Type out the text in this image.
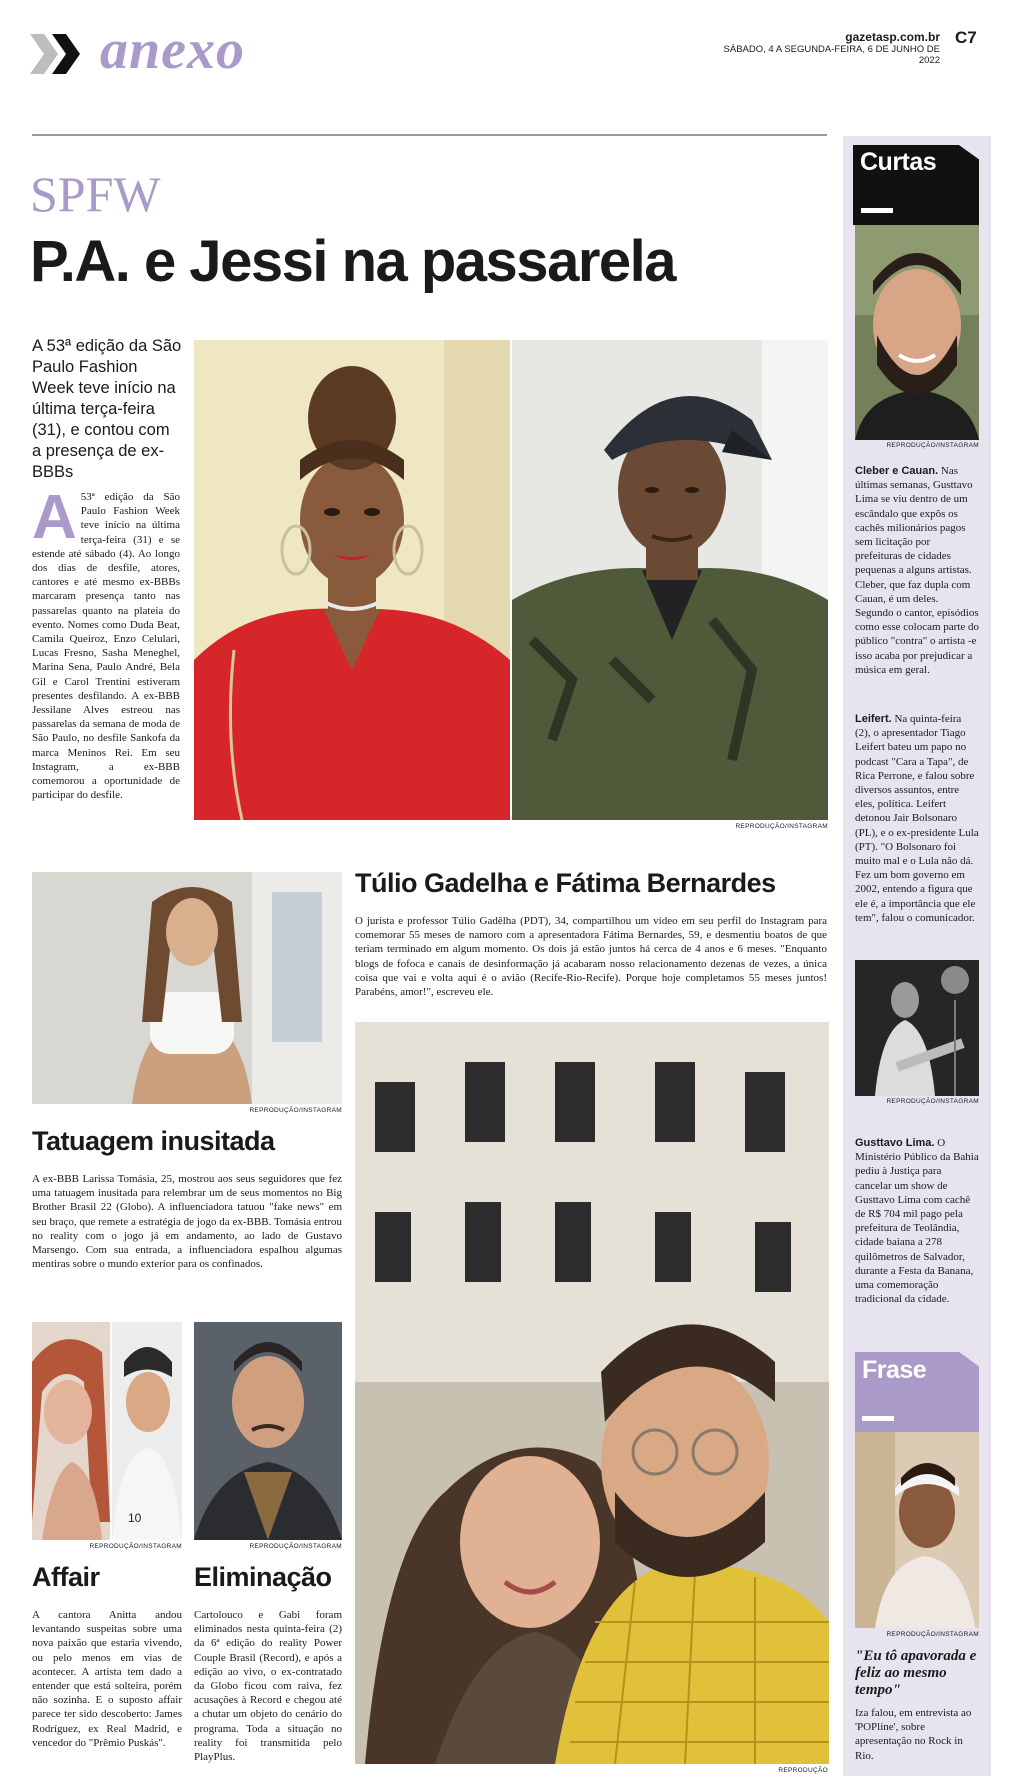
anexo	gazetasp.com.br
SÁBADO, 4 A SEGUNDA-FEIRA, 6 DE JUNHO DE 2022
C7
SPFW
P.A. e Jessi na passarela
A 53ª edição da São Paulo Fashion Week teve início na última terça-feira (31), e contou com a presença de ex-BBBs
A 53ª edição da São Paulo Fashion Week teve início na última terça-feira (31) e se estende até sábado (4). Ao longo dos dias de desfile, atores, cantores e até mesmo ex-BBBs marcaram presença tanto nas passarelas quanto na plateia do evento. Nomes como Duda Beat, Camila Queiroz, Enzo Celulari, Lucas Fresno, Sasha Meneghel, Marina Sena, Paulo André, Bela Gil e Carol Trentini estiveram presentes desfilando. A ex-BBB Jessilane Alves estreou nas passarelas da semana de moda de São Paulo, no desfile Sankofa da marca Meninos Rei. Em seu Instagram, a ex-BBB comemorou a oportunidade de participar do desfile.
REPRODUÇÃO/INSTAGRAM
Túlio Gadelha e Fátima Bernardes
O jurista e professor Túlio Gadêlha (PDT), 34, compartilhou um vídeo em seu perfil do Instagram para comemorar 55 meses de namoro com a apresentadora Fátima Bernardes, 59, e desmentiu boatos de que teriam terminado em algum momento. Os dois já estão juntos há cerca de 4 anos e 6 meses. "Enquanto blogs de fofoca e canais de desinformação já acabaram nosso relacionamento dezenas de vezes, a única coisa que vai e volta aqui é o avião (Recife-Rio-Recife). Porque hoje completamos 55 meses juntos! Parabéns, amor!", escreveu ele.
REPRODUÇÃO
REPRODUÇÃO/INSTAGRAM
Tatuagem inusitada
A ex-BBB Larissa Tomásia, 25, mostrou aos seus seguidores que fez uma tatuagem inusitada para relembrar um de seus momentos no Big Brother Brasil 22 (Globo). A influenciadora tatuou "fake news" em seu braço, que remete a estratégia de jogo da ex-BBB. Tomásia entrou no reality com o jogo já em andamento, ao lado de Gustavo Marsengo. Com sua entrada, a influenciadora espalhou algumas mentiras sobre o mundo exterior para os confinados.
10
REPRODUÇÃO/INSTAGRAM
Affair
A cantora Anitta andou levantando suspeitas sobre uma nova paixão que estaria vivendo, ou pelo menos em vias de acontecer. A artista tem dado a entender que está solteira, porém não sozinha. E o suposto affair parece ter sido descoberto: James Rodríguez, ex Real Madrid, e vencedor do "Prêmio Puskás".
REPRODUÇÃO/INSTAGRAM
Eliminação
Cartolouco e Gabi foram eliminados nesta quinta-feira (2) da 6ª edição do reality Power Couple Brasil (Record), e após a edição ao vivo, o ex-contratado da Globo ficou com raiva, fez acusações à Record e chegou até a chutar um objeto do cenário do programa. Toda a situação no reality foi transmitida pelo PlayPlus.
Curtas
REPRODUÇÃO/INSTAGRAM
Cleber e Cauan. Nas últimas semanas, Gusttavo Lima se viu dentro de um escândalo que expôs os cachês milionários pagos sem licitação por prefeituras de cidades pequenas a alguns artistas. Cleber, que faz dupla com Cauan, é um deles. Segundo o cantor, episódios como esse colocam parte do público "contra" o artista -e isso acaba por prejudicar a música em geral.
Leifert. Na quinta-feira (2), o apresentador Tiago Leifert bateu um papo no podcast "Cara a Tapa", de Rica Perrone, e falou sobre diversos assuntos, entre eles, política. Leifert detonou Jair Bolsonaro (PL), e o ex-presidente Lula (PT). "O Bolsonaro foi muito mal e o Lula não dá. Fez um bom governo em 2002, entendo a figura que ele é, a importância que ele tem", falou o comunicador.
REPRODUÇÃO/INSTAGRAM
Gusttavo Lima. O Ministério Público da Bahia pediu à Justiça para cancelar um show de Gusttavo Lima com cachê de R$ 704 mil pago pela prefeitura de Teolândia, cidade baiana a 278 quilômetros de Salvador, durante a Festa da Banana, uma comemoração tradicional da cidade.
Frase
REPRODUÇÃO/INSTAGRAM
"Eu tô apavorada e feliz ao mesmo tempo"
Iza falou, em entrevista ao 'POPline', sobre apresentação no Rock in Rio.
